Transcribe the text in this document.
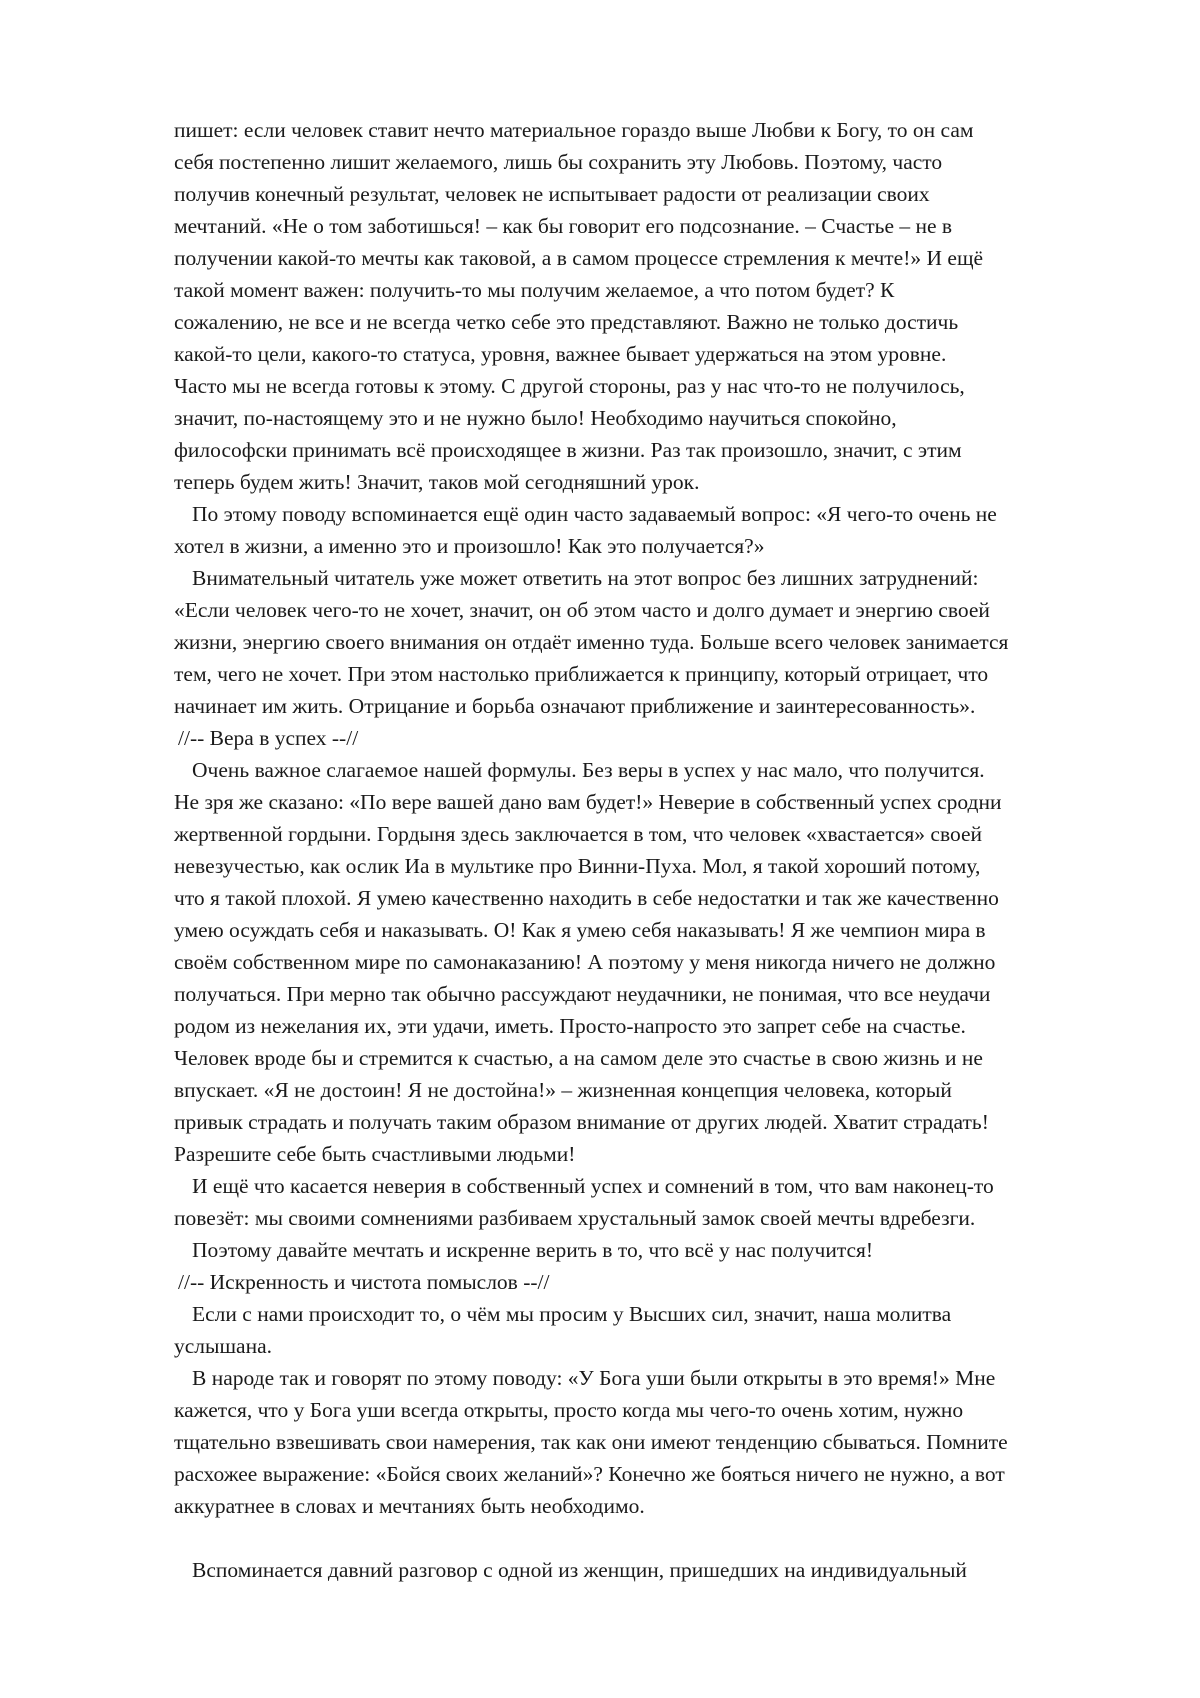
пишет: если человек ставит нечто материальное гораздо выше Любви к Богу, то он сам
себя постепенно лишит желаемого, лишь бы сохранить эту Любовь. Поэтому, часто
получив конечный результат, человек не испытывает радости от реализации своих
мечтаний. «Не о том заботишься! – как бы говорит его подсознание. – Счастье – не в
получении какой-то мечты как таковой, а в самом процессе стремления к мечте!» И ещё
такой момент важен: получить-то мы получим желаемое, а что потом будет? К
сожалению, не все и не всегда четко себе это представляют. Важно не только достичь
какой-то цели, какого-то статуса, уровня, важнее бывает удержаться на этом уровне.
Часто мы не всегда готовы к этому. С другой стороны, раз у нас что-то не получилось,
значит, по-настоящему это и не нужно было! Необходимо научиться спокойно,
философски принимать всё происходящее в жизни. Раз так произошло, значит, с этим
теперь будем жить! Значит, таков мой сегодняшний урок.
По этому поводу вспоминается ещё один часто задаваемый вопрос: «Я чего-то очень не
хотел в жизни, а именно это и произошло! Как это получается?»
Внимательный читатель уже может ответить на этот вопрос без лишних затруднений:
«Если человек чего-то не хочет, значит, он об этом часто и долго думает и энергию своей
жизни, энергию своего внимания он отдаёт именно туда. Больше всего человек занимается
тем, чего не хочет. При этом настолько приближается к принципу, который отрицает, что
начинает им жить. Отрицание и борьба означают приближение и заинтересованность».
//-- Вера в успех --//
Очень важное слагаемое нашей формулы. Без веры в успех у нас мало, что получится.
Не зря же сказано: «По вере вашей дано вам будет!» Неверие в собственный успех сродни
жертвенной гордыни. Гордыня здесь заключается в том, что человек «хвастается» своей
невезучестью, как ослик Иа в мультике про Винни-Пуха. Мол, я такой хороший потому,
что я такой плохой. Я умею качественно находить в себе недостатки и так же качественно
умею осуждать себя и наказывать. О! Как я умею себя наказывать! Я же чемпион мира в
своём собственном мире по самонаказанию! А поэтому у меня никогда ничего не должно
получаться. При мерно так обычно рассуждают неудачники, не понимая, что все неудачи
родом из нежелания их, эти удачи, иметь. Просто-напросто это запрет себе на счастье.
Человек вроде бы и стремится к счастью, а на самом деле это счастье в свою жизнь и не
впускает. «Я не достоин! Я не достойна!» – жизненная концепция человека, который
привык страдать и получать таким образом внимание от других людей. Хватит страдать!
Разрешите себе быть счастливыми людьми!
И ещё что касается неверия в собственный успех и сомнений в том, что вам наконец-то
повезёт: мы своими сомнениями разбиваем хрустальный замок своей мечты вдребезги.
Поэтому давайте мечтать и искренне верить в то, что всё у нас получится!
//-- Искренность и чистота помыслов --//
Если с нами происходит то, о чём мы просим у Высших сил, значит, наша молитва
услышана.
В народе так и говорят по этому поводу: «У Бога уши были открыты в это время!» Мне
кажется, что у Бога уши всегда открыты, просто когда мы чего-то очень хотим, нужно
тщательно взвешивать свои намерения, так как они имеют тенденцию сбываться. Помните
расхожее выражение: «Бойся своих желаний»? Конечно же бояться ничего не нужно, а вот
аккуратнее в словах и мечтаниях быть необходимо.
Вспоминается давний разговор с одной из женщин, пришедших на индивидуальный
